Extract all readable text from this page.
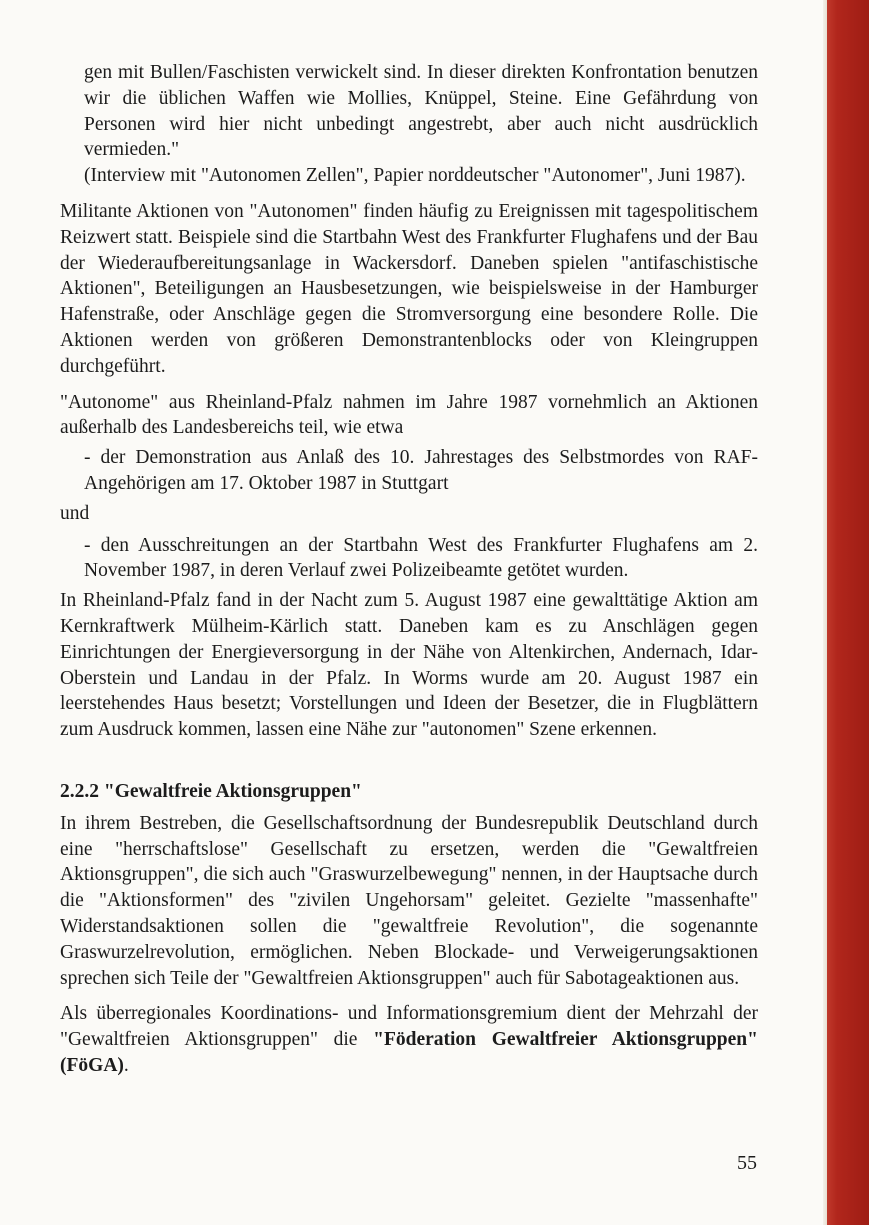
gen mit Bullen/Faschisten verwickelt sind. In dieser direkten Konfrontation benutzen wir die üblichen Waffen wie Mollies, Knüppel, Steine. Eine Gefährdung von Personen wird hier nicht unbedingt angestrebt, aber auch nicht ausdrücklich vermieden."

(Interview mit "Autonomen Zellen", Papier norddeutscher "Autonomer", Juni 1987).

Militante Aktionen von "Autonomen" finden häufig zu Ereignissen mit tagespolitischem Reizwert statt. Beispiele sind die Startbahn West des Frankfurter Flughafens und der Bau der Wiederaufbereitungsanlage in Wackersdorf. Daneben spielen "antifaschistische Aktionen", Beteiligungen an Hausbesetzungen, wie beispielsweise in der Hamburger Hafenstraße, oder Anschläge gegen die Stromversorgung eine besondere Rolle. Die Aktionen werden von größeren Demonstrantenblocks oder von Kleingruppen durchgeführt.

"Autonome" aus Rheinland-Pfalz nahmen im Jahre 1987 vornehmlich an Aktionen außerhalb des Landesbereichs teil, wie etwa

- der Demonstration aus Anlaß des 10. Jahrestages des Selbstmordes von RAF-Angehörigen am 17. Oktober 1987 in Stuttgart

und

- den Ausschreitungen an der Startbahn West des Frankfurter Flughafens am 2. November 1987, in deren Verlauf zwei Polizeibeamte getötet wurden.

In Rheinland-Pfalz fand in der Nacht zum 5. August 1987 eine gewalttätige Aktion am Kernkraftwerk Mülheim-Kärlich statt. Daneben kam es zu Anschlägen gegen Einrichtungen der Energieversorgung in der Nähe von Altenkirchen, Andernach, Idar-Oberstein und Landau in der Pfalz. In Worms wurde am 20. August 1987 ein leerstehendes Haus besetzt; Vorstellungen und Ideen der Besetzer, die in Flugblättern zum Ausdruck kommen, lassen eine Nähe zur "autonomen" Szene erkennen.

2.2.2 "Gewaltfreie Aktionsgruppen"

In ihrem Bestreben, die Gesellschaftsordnung der Bundesrepublik Deutschland durch eine "herrschaftslose" Gesellschaft zu ersetzen, werden die "Gewaltfreien Aktionsgruppen", die sich auch "Graswurzelbewegung" nennen, in der Hauptsache durch die "Aktionsformen" des "zivilen Ungehorsam" geleitet. Gezielte "massenhafte" Widerstandsaktionen sollen die "gewaltfreie Revolution", die sogenannte Graswurzelrevolution, ermöglichen. Neben Blockade- und Verweigerungsaktionen sprechen sich Teile der "Gewaltfreien Aktionsgruppen" auch für Sabotageaktionen aus.

Als überregionales Koordinations- und Informationsgremium dient der Mehrzahl der "Gewaltfreien Aktionsgruppen" die "Föderation Gewaltfreier Aktionsgruppen" (FöGA).

55
